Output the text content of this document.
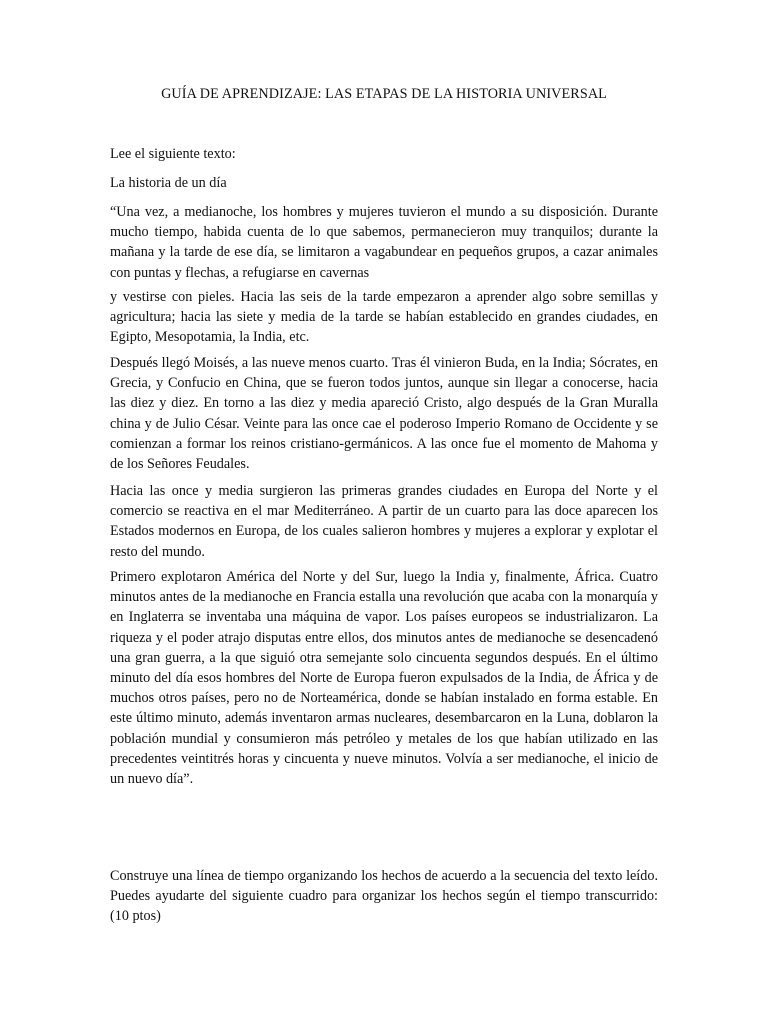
GUÍA DE APRENDIZAJE: LAS ETAPAS DE LA HISTORIA UNIVERSAL
Lee el siguiente texto:
La historia de un día

“Una vez, a medianoche, los hombres y mujeres tuvieron el mundo a su disposición. Durante mucho tiempo, habida cuenta de lo que sabemos, permanecieron muy tranquilos; durante la mañana y la tarde de ese día, se limitaron a vagabundear en pequeños grupos, a cazar animales con puntas y flechas, a refugiarse en cavernas

y vestirse con pieles. Hacia las seis de la tarde empezaron a aprender algo sobre semillas y agricultura; hacia las siete y media de la tarde se habían establecido en grandes ciudades, en Egipto, Mesopotamia, la India, etc.

Después llegó Moisés, a las nueve menos cuarto. Tras él vinieron Buda, en la India; Sócrates, en Grecia, y Confucio en China, que se fueron todos juntos, aunque sin llegar a conocerse, hacia las diez y diez. En torno a las diez y media apareció Cristo, algo después de la Gran Muralla china y de Julio César. Veinte para las once cae el poderoso Imperio Romano de Occidente y se comienzan a formar los reinos cristiano-germánicos. A las once fue el momento de Mahoma y de los Señores Feudales.

Hacia las once y media surgieron las primeras grandes ciudades en Europa del Norte y el comercio se reactiva en el mar Mediterráneo. A partir de un cuarto para las doce aparecen los Estados modernos en Europa, de los cuales salieron hombres y mujeres a explorar y explotar el resto del mundo.

Primero explotaron América del Norte y del Sur, luego la India y, finalmente, África. Cuatro minutos antes de la medianoche en Francia estalla una revolución que acaba con la monarquía y en Inglaterra se inventaba una máquina de vapor. Los países europeos se industrializaron. La riqueza y el poder atrajo disputas entre ellos, dos minutos antes de medianoche se desencadenó una gran guerra, a la que siguió otra semejante solo cincuenta segundos después. En el último minuto del día esos hombres del Norte de Europa fueron expulsados de la India, de África y de muchos otros países, pero no de Norteamérica, donde se habían instalado en forma estable. En este último minuto, además inventaron armas nucleares, desembarcaron en la Luna, doblaron la población mundial y consumieron más petróleo y metales de los que habían utilizado en las precedentes veintitrés horas y cincuenta y nueve minutos. Volvía a ser medianoche, el inicio de un nuevo día”.

Construye una línea de tiempo organizando los hechos de acuerdo a la secuencia del texto leído. Puedes ayudarte del siguiente cuadro para organizar los hechos según el tiempo transcurrido: (10 ptos)
